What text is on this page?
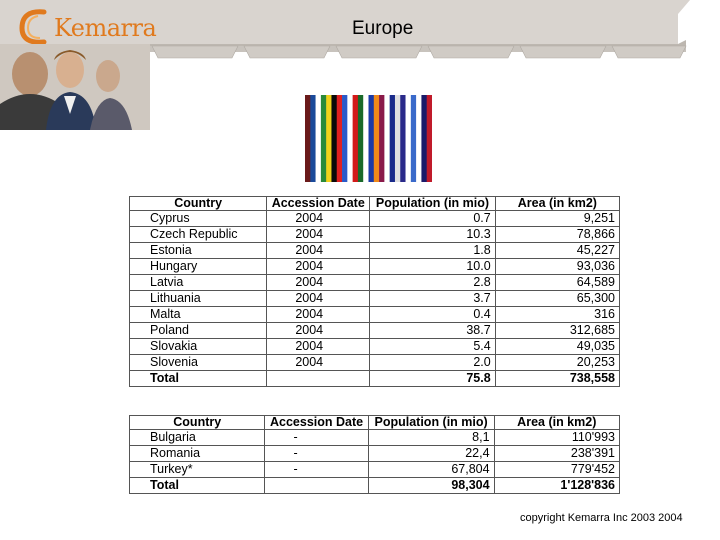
Kemarra	Europe
Country	Accession Date	Population (in mio)	Area (in km2)
Cyprus	2004	0.7	9,251
Czech Republic	2004	10.3	78,866
Estonia	2004	1.8	45,227
Hungary	2004	10.0	93,036
Latvia	2004	2.8	64,589
Lithuania	2004	3.7	65,300
Malta	2004	0.4	316
Poland	2004	38.7	312,685
Slovakia	2004	5.4	49,035
Slovenia	2004	2.0	20,253
Total		75.8	738,558
Country	Accession Date	Population (in mio)	Area (in km2)
Bulgaria	-	8,1	110'993
Romania	-	22,4	238'391
Turkey*	-	67,804	779'452
Total		98,304	1'128'836
copyright Kemarra Inc 2003 2004
